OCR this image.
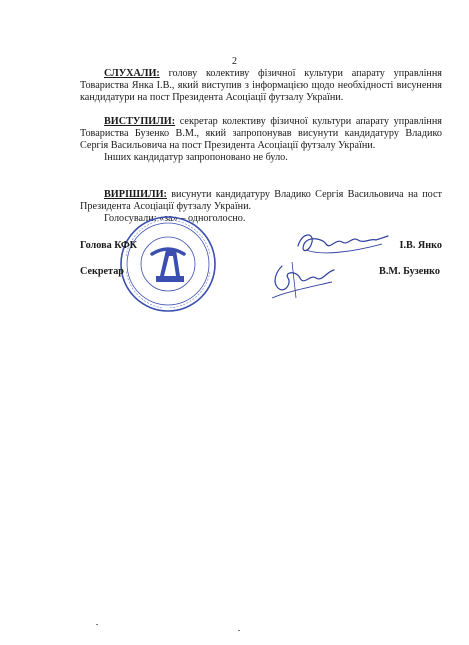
2

СЛУХАЛИ: голову колективу фізичної культури апарату управління Товариства Янка І.В., який виступив з інформацією щодо необхідності висунення кандидатури на пост Президента Асоціації футзалу України.

ВИСТУПИЛИ: секретар колективу фізичної культури апарату управління Товариства Бузенко В.М., який запропонував висунути кандидатуру Владико Сергія Васильовича на пост Президента Асоціації футзалу України.

Інших кандидатур запропоновано не було.

ВИРІШИЛИ: висунути кандидатуру Владико Сергія Васильовича на пост Президента Асоціації футзалу України.

Голосували: «за» – одноголосно.

Голова КФК	І.В. Янко
Секретар	В.М. Бузенко
